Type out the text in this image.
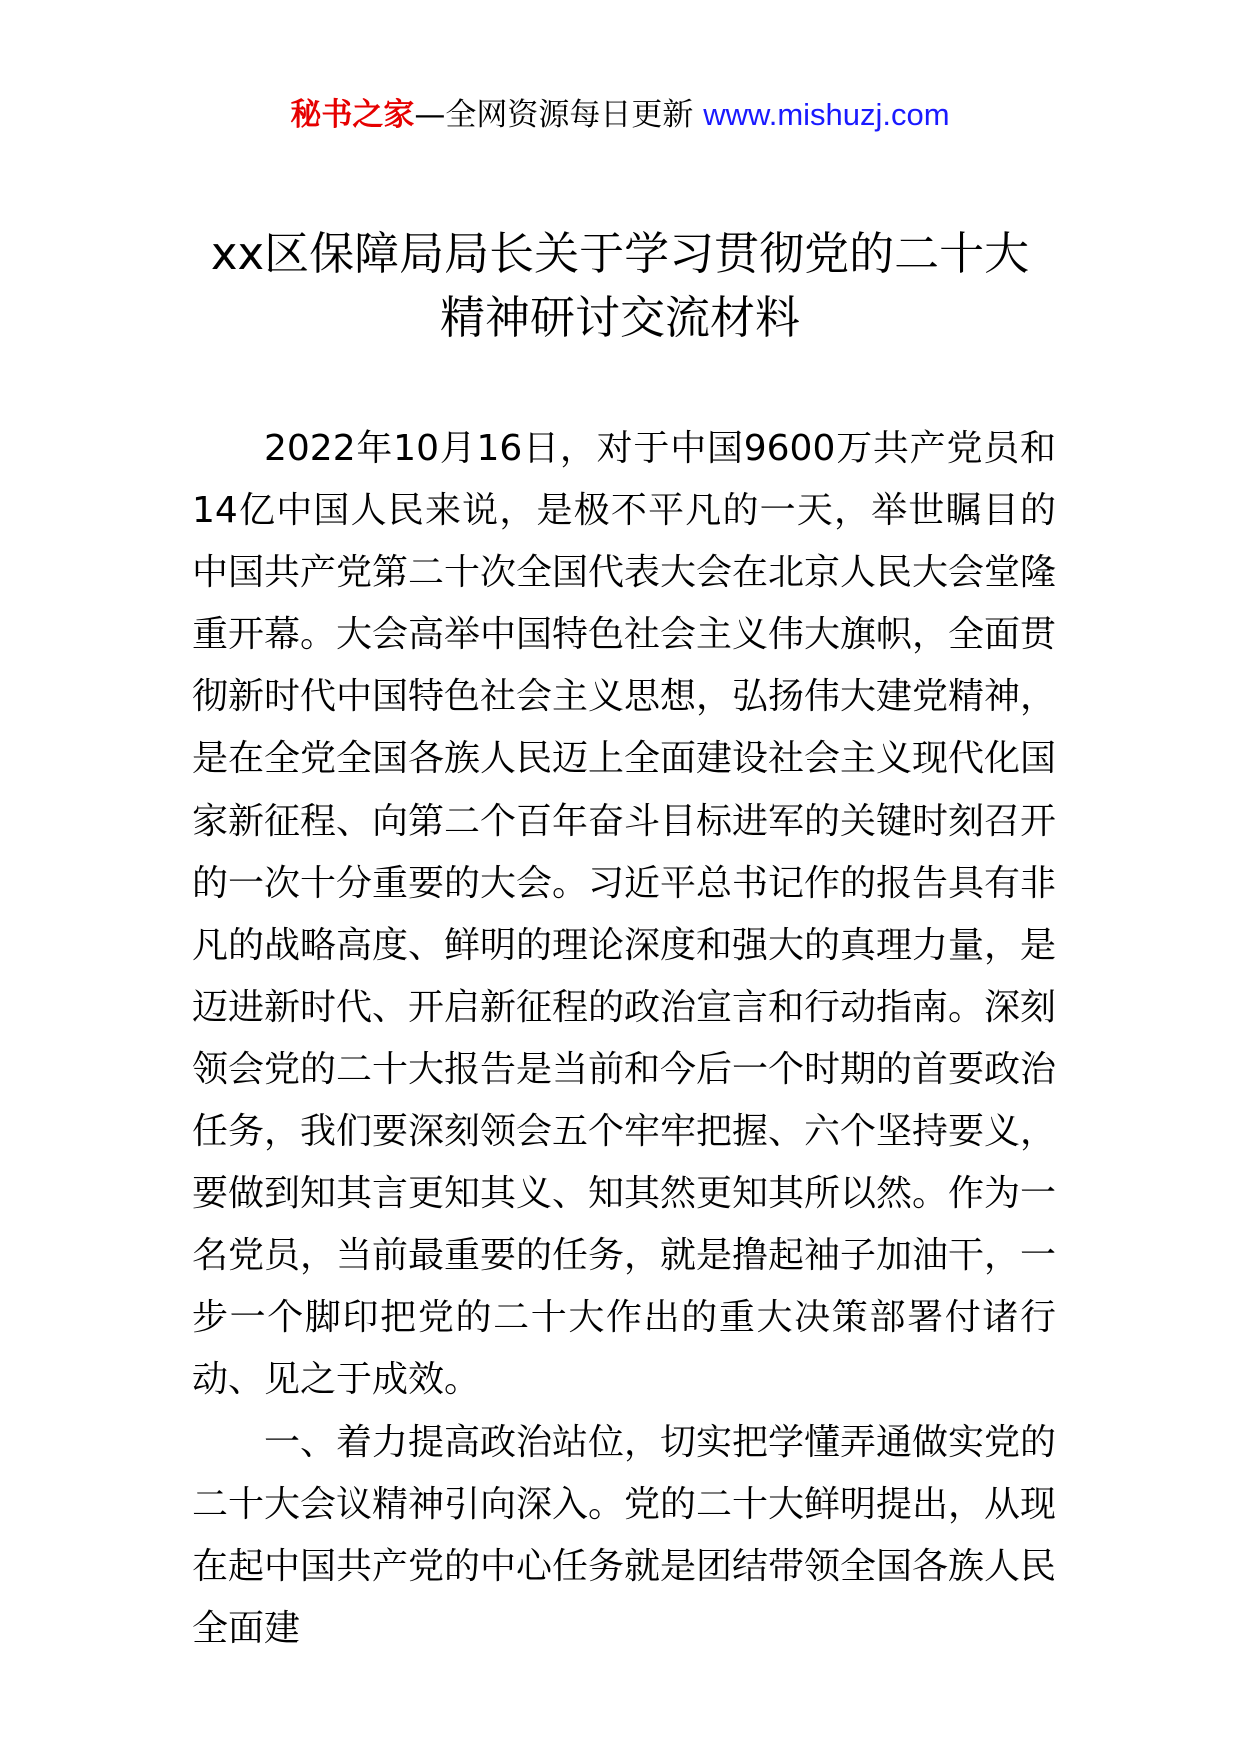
秘书之家—全网资源每日更新 www.mishuzj.com
xx区保障局局长关于学习贯彻党的二十大
精神研讨交流材料

2022年10月16日，对于中国9600万共产党员和14亿中国人民来说，是极不平凡的一天，举世瞩目的中国共产党第二十次全国代表大会在北京人民大会堂隆重开幕。大会高举中国特色社会主义伟大旗帜，全面贯彻新时代中国特色社会主义思想，弘扬伟大建党精神，是在全党全国各族人民迈上全面建设社会主义现代化国家新征程、向第二个百年奋斗目标进军的关键时刻召开的一次十分重要的大会。习近平总书记作的报告具有非凡的战略高度、鲜明的理论深度和强大的真理力量，是迈进新时代、开启新征程的政治宣言和行动指南。深刻领会党的二十大报告是当前和今后一个时期的首要政治任务，我们要深刻领会五个牢牢把握、六个坚持要义，要做到知其言更知其义、知其然更知其所以然。作为一名党员，当前最重要的任务，就是撸起袖子加油干，一步一个脚印把党的二十大作出的重大决策部署付诸行动、见之于成效。

一、着力提高政治站位，切实把学懂弄通做实党的二十大会议精神引向深入。党的二十大鲜明提出，从现在起中国共产党的中心任务就是团结带领全国各族人民全面建
